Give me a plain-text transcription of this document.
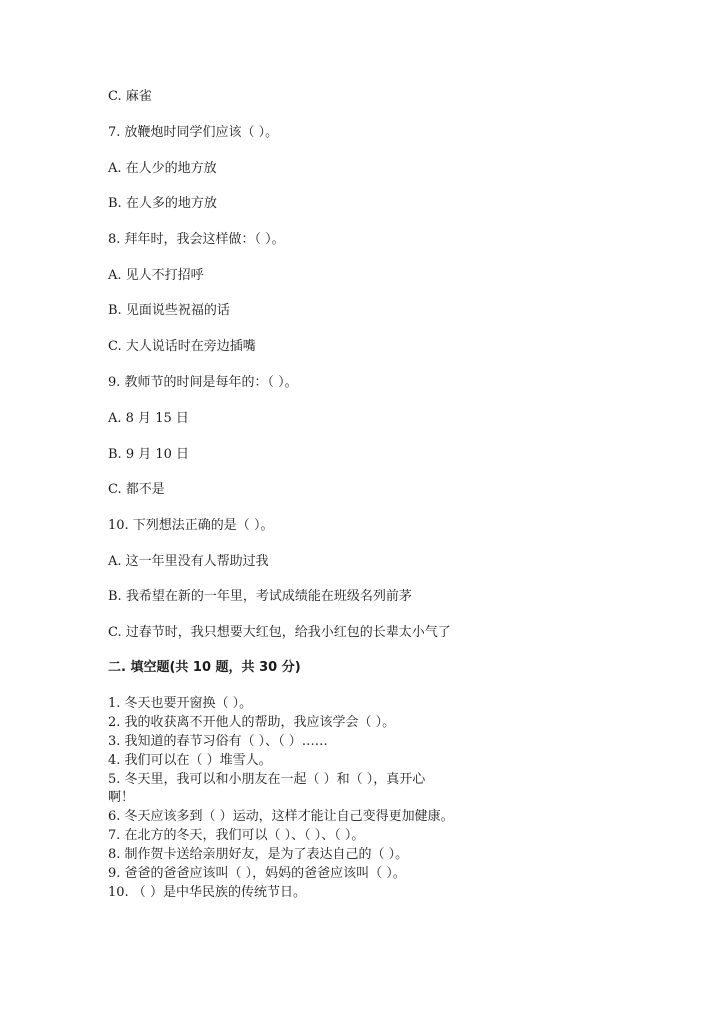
C. 麻雀
7. 放鞭炮时同学们应该（ ）。
A. 在人少的地方放
B. 在人多的地方放
8. 拜年时，我会这样做：（ ）。
A. 见人不打招呼
B. 见面说些祝福的话
C. 大人说话时在旁边插嘴
9. 教师节的时间是每年的：（ ）。
A. 8 月 15 日
B. 9 月 10 日
C. 都不是
10. 下列想法正确的是（ ）。
A. 这一年里没有人帮助过我
B. 我希望在新的一年里，考试成绩能在班级名列前茅
C. 过春节时，我只想要大红包，给我小红包的长辈太小气了
二. 填空题(共 10 题，共 30 分)
1. 冬天也要开窗换（ ）。
2. 我的收获离不开他人的帮助，我应该学会（ ）。
3. 我知道的春节习俗有（ ）、（ ）……
4. 我们可以在（ ）堆雪人。
5. 冬天里，我可以和小朋友在一起（ ）和（ ），真开心
啊！
6. 冬天应该多到（ ）运动，这样才能让自己变得更加健康。
7. 在北方的冬天，我们可以（ ）、（ ）、（ ）。
8. 制作贺卡送给亲朋好友，是为了表达自己的（ ）。
9. 爸爸的爸爸应该叫（ ），妈妈的爸爸应该叫（ ）。
10. （ ）是中华民族的传统节日。
